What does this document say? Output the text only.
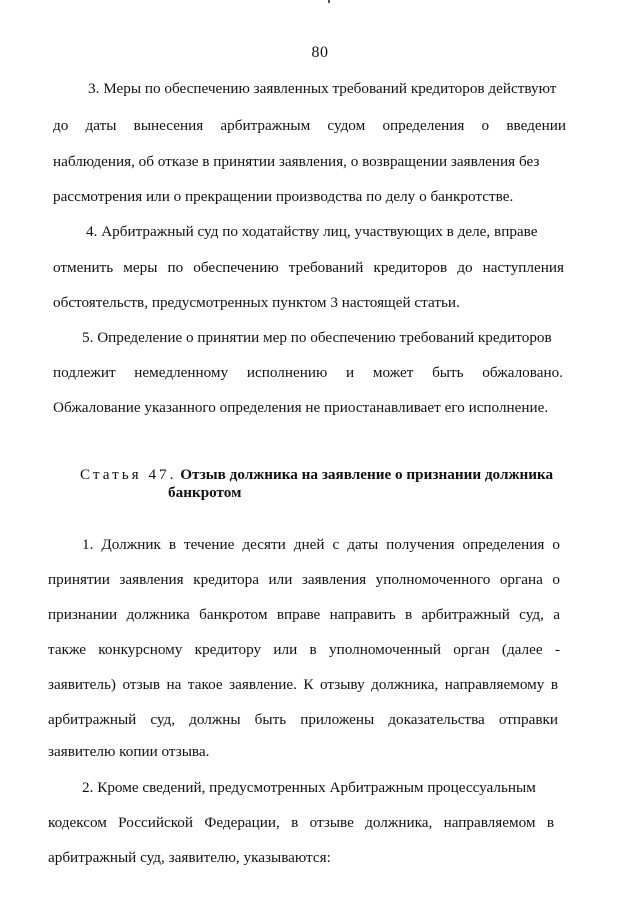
80
3. Меры по обеспечению заявленных требований кредиторов действуют
до даты вынесения арбитражным судом определения о введении
наблюдения, об отказе в принятии заявления, о возвращении заявления без
рассмотрения или о прекращении производства по делу о банкротстве.
4. Арбитражный суд по ходатайству лиц, участвующих в деле, вправе
отменить меры по обеспечению требований кредиторов до наступления
обстоятельств, предусмотренных пунктом 3 настоящей статьи.
5. Определение о принятии мер по обеспечению требований кредиторов
подлежит немедленному исполнению и может быть обжаловано.
Обжалование указанного определения не приостанавливает его исполнение.
Статья 47. Отзыв должника на заявление о признании должника
банкротом
1. Должник в течение десяти дней с даты получения определения о
принятии заявления кредитора или заявления уполномоченного органа о
признании должника банкротом вправе направить в арбитражный суд, а
также конкурсному кредитору или в уполномоченный орган (далее -
заявитель) отзыв на такое заявление. К отзыву должника, направляемому в
арбитражный суд, должны быть приложены доказательства отправки
заявителю копии отзыва.
2. Кроме сведений, предусмотренных Арбитражным процессуальным
кодексом Российской Федерации, в отзыве должника, направляемом в
арбитражный суд, заявителю, указываются:
